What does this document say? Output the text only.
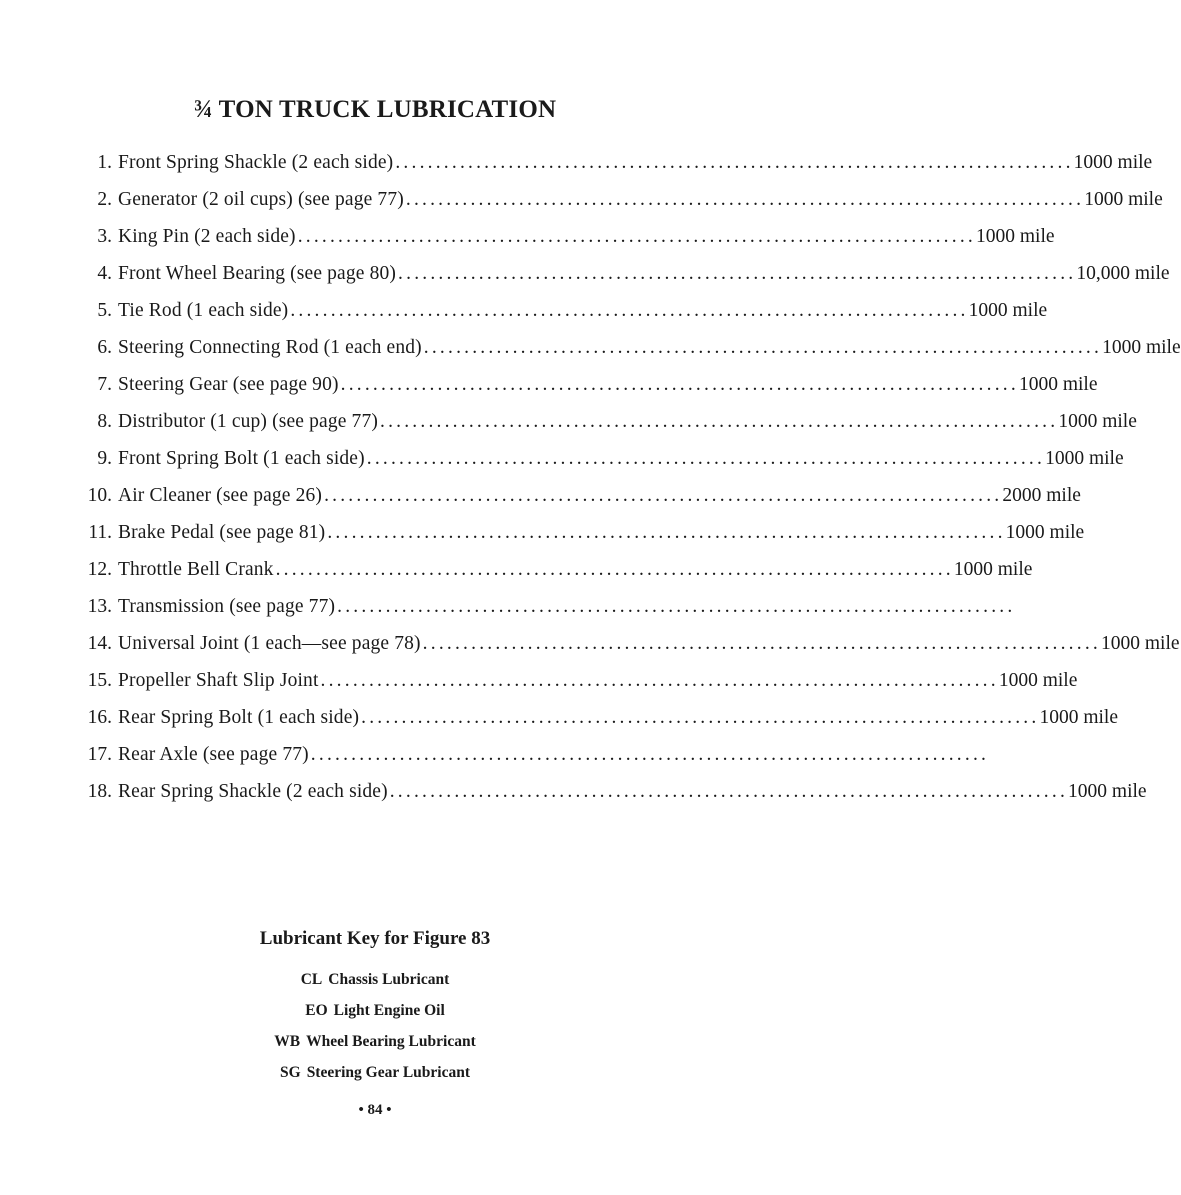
¾ TON TRUCK LUBRICATION
1. Front Spring Shackle (2 each side) .................................................................................... 1000 mile
2. Generator (2 oil cups) (see page 77) .................................................................................... 1000 mile
3. King Pin (2 each side) .................................................................................... 1000 mile
4. Front Wheel Bearing (see page 80) .................................................................................... 10,000 mile
5. Tie Rod (1 each side) .................................................................................... 1000 mile
6. Steering Connecting Rod (1 each end) .................................................................................... 1000 mile
7. Steering Gear (see page 90) .................................................................................... 1000 mile
8. Distributor (1 cup) (see page 77) .................................................................................... 1000 mile
9. Front Spring Bolt (1 each side) .................................................................................... 1000 mile
10. Air Cleaner (see page 26) .................................................................................... 2000 mile
11. Brake Pedal (see page 81) .................................................................................... 1000 mile
12. Throttle Bell Crank .................................................................................... 1000 mile
13. Transmission (see page 77) ....................................................................................
14. Universal Joint (1 each—see page 78) .................................................................................... 1000 mile
15. Propeller Shaft Slip Joint .................................................................................... 1000 mile
16. Rear Spring Bolt (1 each side) .................................................................................... 1000 mile
17. Rear Axle (see page 77) ....................................................................................
18. Rear Spring Shackle (2 each side) .................................................................................... 1000 mile
Lubricant Key for Figure 83
CL Chassis Lubricant
EO Light Engine Oil
WB Wheel Bearing Lubricant
SG Steering Gear Lubricant
• 84 •
